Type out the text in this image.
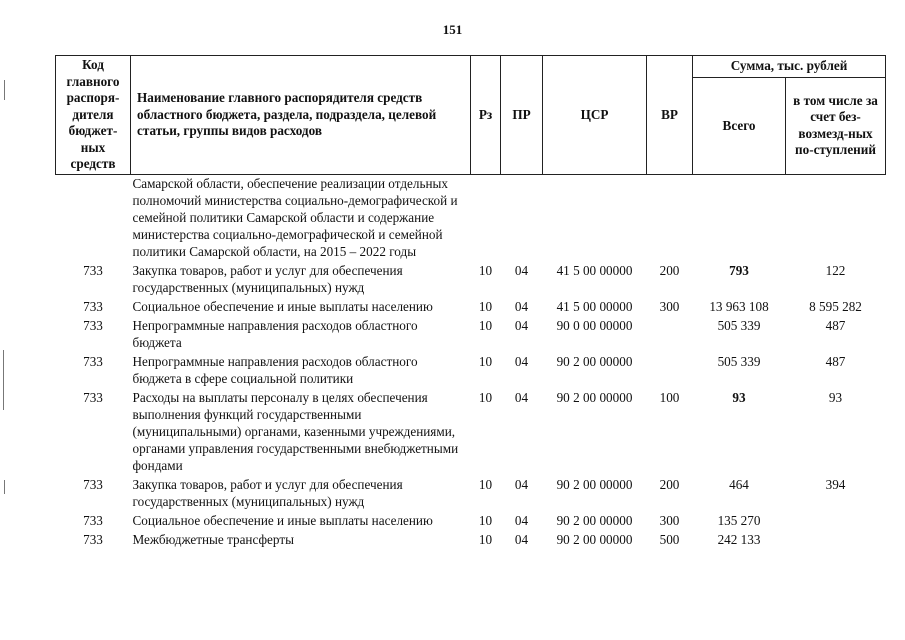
151
Код главного распоря-дителя бюджет-ных средств	Наименование главного распорядителя средств областного бюджета, раздела, подраздела, целевой статьи, группы видов расходов	Рз	ПР	ЦСР	ВР	Сумма, тыс. рублей	
						Всего	в том числе за счет без-возмезд-ных по-ступлений
	Самарской области, обеспечение реализации отдельных полномочий министерства социально-демографической и семейной политики Самарской области и содержание министерства социально-демографической и семейной политики Самарской области, на 2015 – 2022 годы						
733	Закупка товаров, работ и услуг для обеспечения государственных (муниципальных) нужд	10	04	41 5 00 00000	200	793	122
733	Социальное обеспечение и иные выплаты населению	10	04	41 5 00 00000	300	13 963 108	8 595 282
733	Непрограммные направления расходов областного бюджета	10	04	90 0 00 00000		505 339	487
733	Непрограммные направления расходов областного бюджета в сфере социальной политики	10	04	90 2 00 00000		505 339	487
733	Расходы на выплаты персоналу в целях обеспечения выполнения функций государственными (муниципальными) органами, казенными учреждениями, органами управления государственными внебюджетными фондами	10	04	90 2 00 00000	100	93	93
733	Закупка товаров, работ и услуг для обеспечения государственных (муниципальных) нужд	10	04	90 2 00 00000	200	464	394
733	Социальное обеспечение и иные выплаты населению	10	04	90 2 00 00000	300	135 270	
733	Межбюджетные трансферты	10	04	90 2 00 00000	500	242 133	
